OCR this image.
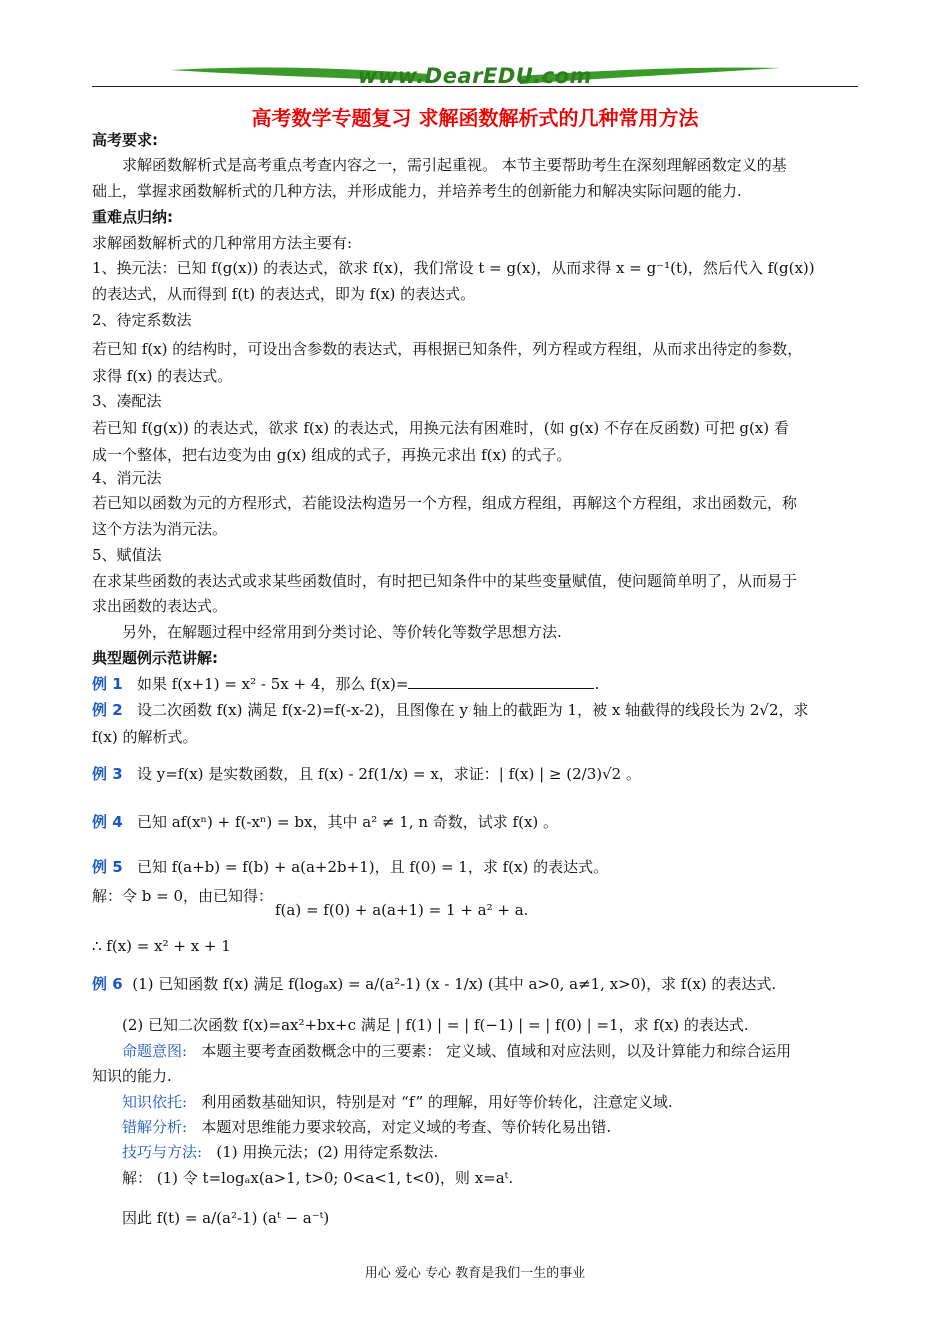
www.DearEDU.com
高考数学专题复习 求解函数解析式的几种常用方法
高考要求:
求解函数解析式是高考重点考查内容之一，需引起重视。 本节主要帮助考生在深刻理解函数定义的基
础上，掌握求函数解析式的几种方法，并形成能力，并培养考生的创新能力和解决实际问题的能力.
重难点归纳:
求解函数解析式的几种常用方法主要有:
1、换元法：已知 f(g(x)) 的表达式，欲求 f(x)，我们常设 t = g(x)，从而求得 x = g⁻¹(t)，然后代入 f(g(x))
的表达式，从而得到 f(t) 的表达式，即为 f(x) 的表达式。
2、待定系数法
若已知 f(x) 的结构时，可设出含参数的表达式，再根据已知条件，列方程或方程组，从而求出待定的参数，
求得 f(x) 的表达式。
3、凑配法
若已知 f(g(x)) 的表达式，欲求 f(x) 的表达式，用换元法有困难时，(如 g(x) 不存在反函数) 可把 g(x) 看
成一个整体，把右边变为由 g(x) 组成的式子，再换元求出 f(x) 的式子。
4、消元法
若已知以函数为元的方程形式，若能设法构造另一个方程，组成方程组，再解这个方程组，求出函数元，称
这个方法为消元法。
5、赋值法
在求某些函数的表达式或求某些函数值时，有时把已知条件中的某些变量赋值，使问题简单明了，从而易于
求出函数的表达式。
另外，在解题过程中经常用到分类讨论、等价转化等数学思想方法.
典型题例示范讲解:
例 1 如果 f(x+1) = x² - 5x + 4，那么 f(x)=	.
例 2 设二次函数 f(x) 满足 f(x-2)=f(-x-2)，且图像在 y 轴上的截距为 1，被 x 轴截得的线段长为 2√2，求
f(x) 的解析式。
例 3 设 y=f(x) 是实数函数，且 f(x) - 2f(1/x) = x，求证：| f(x) | ≥ (2/3)√2 。
例 4 已知 af(xⁿ) + f(-xⁿ) = bx，其中 a² ≠ 1, n 奇数，试求 f(x) 。
例 5 已知 f(a+b) = f(b) + a(a+2b+1)，且 f(0) = 1，求 f(x) 的表达式。
解：令 b = 0，由已知得：
f(a) = f(0) + a(a+1) = 1 + a² + a.
∴ f(x) = x² + x + 1
例 6 (1) 已知函数 f(x) 满足 f(logₐx) = a/(a²-1) (x - 1/x) (其中 a>0, a≠1, x>0)，求 f(x) 的表达式.
(2) 已知二次函数 f(x)=ax²+bx+c 满足 | f(1) | = | f(−1) | = | f(0) | =1，求 f(x) 的表达式.
命题意图: 本题主要考查函数概念中的三要素： 定义域、值域和对应法则，以及计算能力和综合运用
知识的能力.
知识依托: 利用函数基础知识，特别是对 “f” 的理解，用好等价转化，注意定义域.
错解分析: 本题对思维能力要求较高，对定义域的考查、等价转化易出错.
技巧与方法: (1) 用换元法；(2) 用待定系数法.
解： (1) 令 t=logₐx(a>1, t>0; 0<a<1, t<0)，则 x=aᵗ.
因此 f(t) = a/(a²-1) (aᵗ − a⁻ᵗ)
用心 爱心 专心 教育是我们一生的事业
